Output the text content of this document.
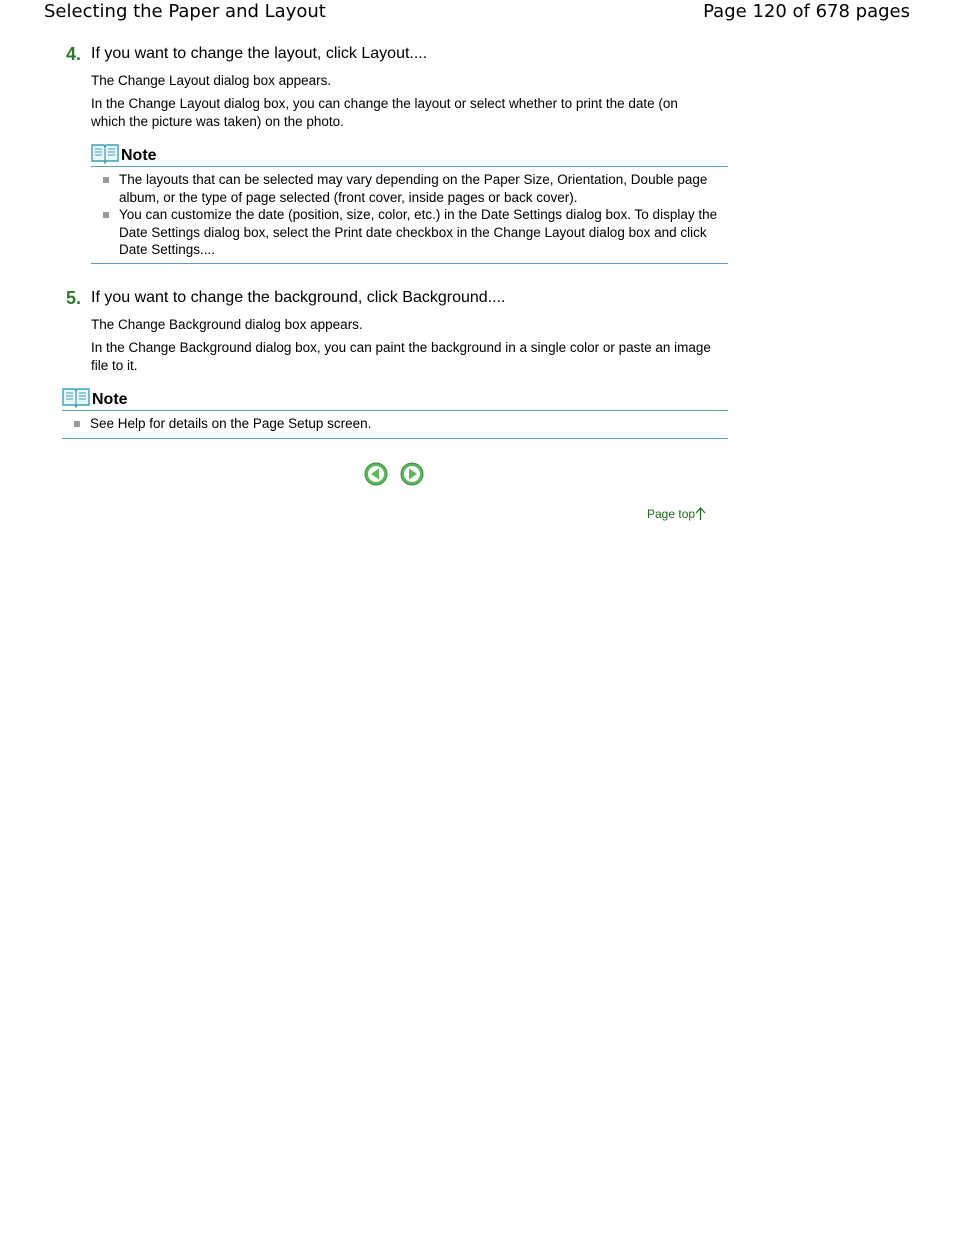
Selecting the Paper and Layout	Page 120 of 678 pages
4. If you want to change the layout, click Layout....

The Change Layout dialog box appears.

In the Change Layout dialog box, you can change the layout or select whether to print the date (on which the picture was taken) on the photo.

Note
The layouts that can be selected may vary depending on the Paper Size, Orientation, Double page album, or the type of page selected (front cover, inside pages or back cover).
You can customize the date (position, size, color, etc.) in the Date Settings dialog box. To display the Date Settings dialog box, select the Print date checkbox in the Change Layout dialog box and click Date Settings....
5. If you want to change the background, click Background....

The Change Background dialog box appears.

In the Change Background dialog box, you can paint the background in a single color or paste an image file to it.

Note
See Help for details on the Page Setup screen.
Page top
